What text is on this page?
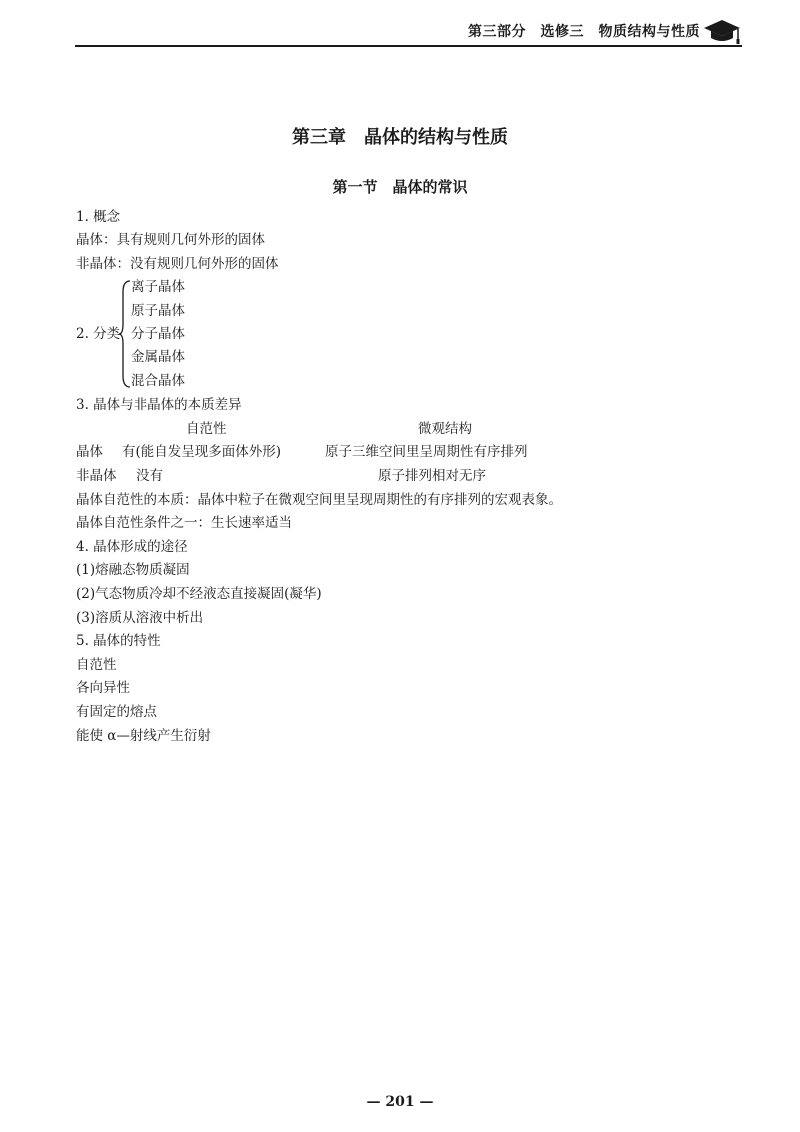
第三部分　选修三　物质结构与性质
第三章　晶体的结构与性质
第一节　晶体的常识
1. 概念
晶体：具有规则几何外形的固体
非晶体：没有规则几何外形的固体
2. 分类
离子晶体
原子晶体
分子晶体
金属晶体
混合晶体
3. 晶体与非晶体的本质差异
自范性	微观结构
晶体 有(能自发呈现多面体外形)	原子三维空间里呈周期性有序排列
非晶体 没有	原子排列相对无序
晶体自范性的本质：晶体中粒子在微观空间里呈现周期性的有序排列的宏观表象。
晶体自范性条件之一：生长速率适当
4. 晶体形成的途径
(1)熔融态物质凝固
(2)气态物质冷却不经液态直接凝固(凝华)
(3)溶质从溶液中析出
5. 晶体的特性
自范性
各向异性
有固定的熔点
能使 α—射线产生衍射
— 201 —
